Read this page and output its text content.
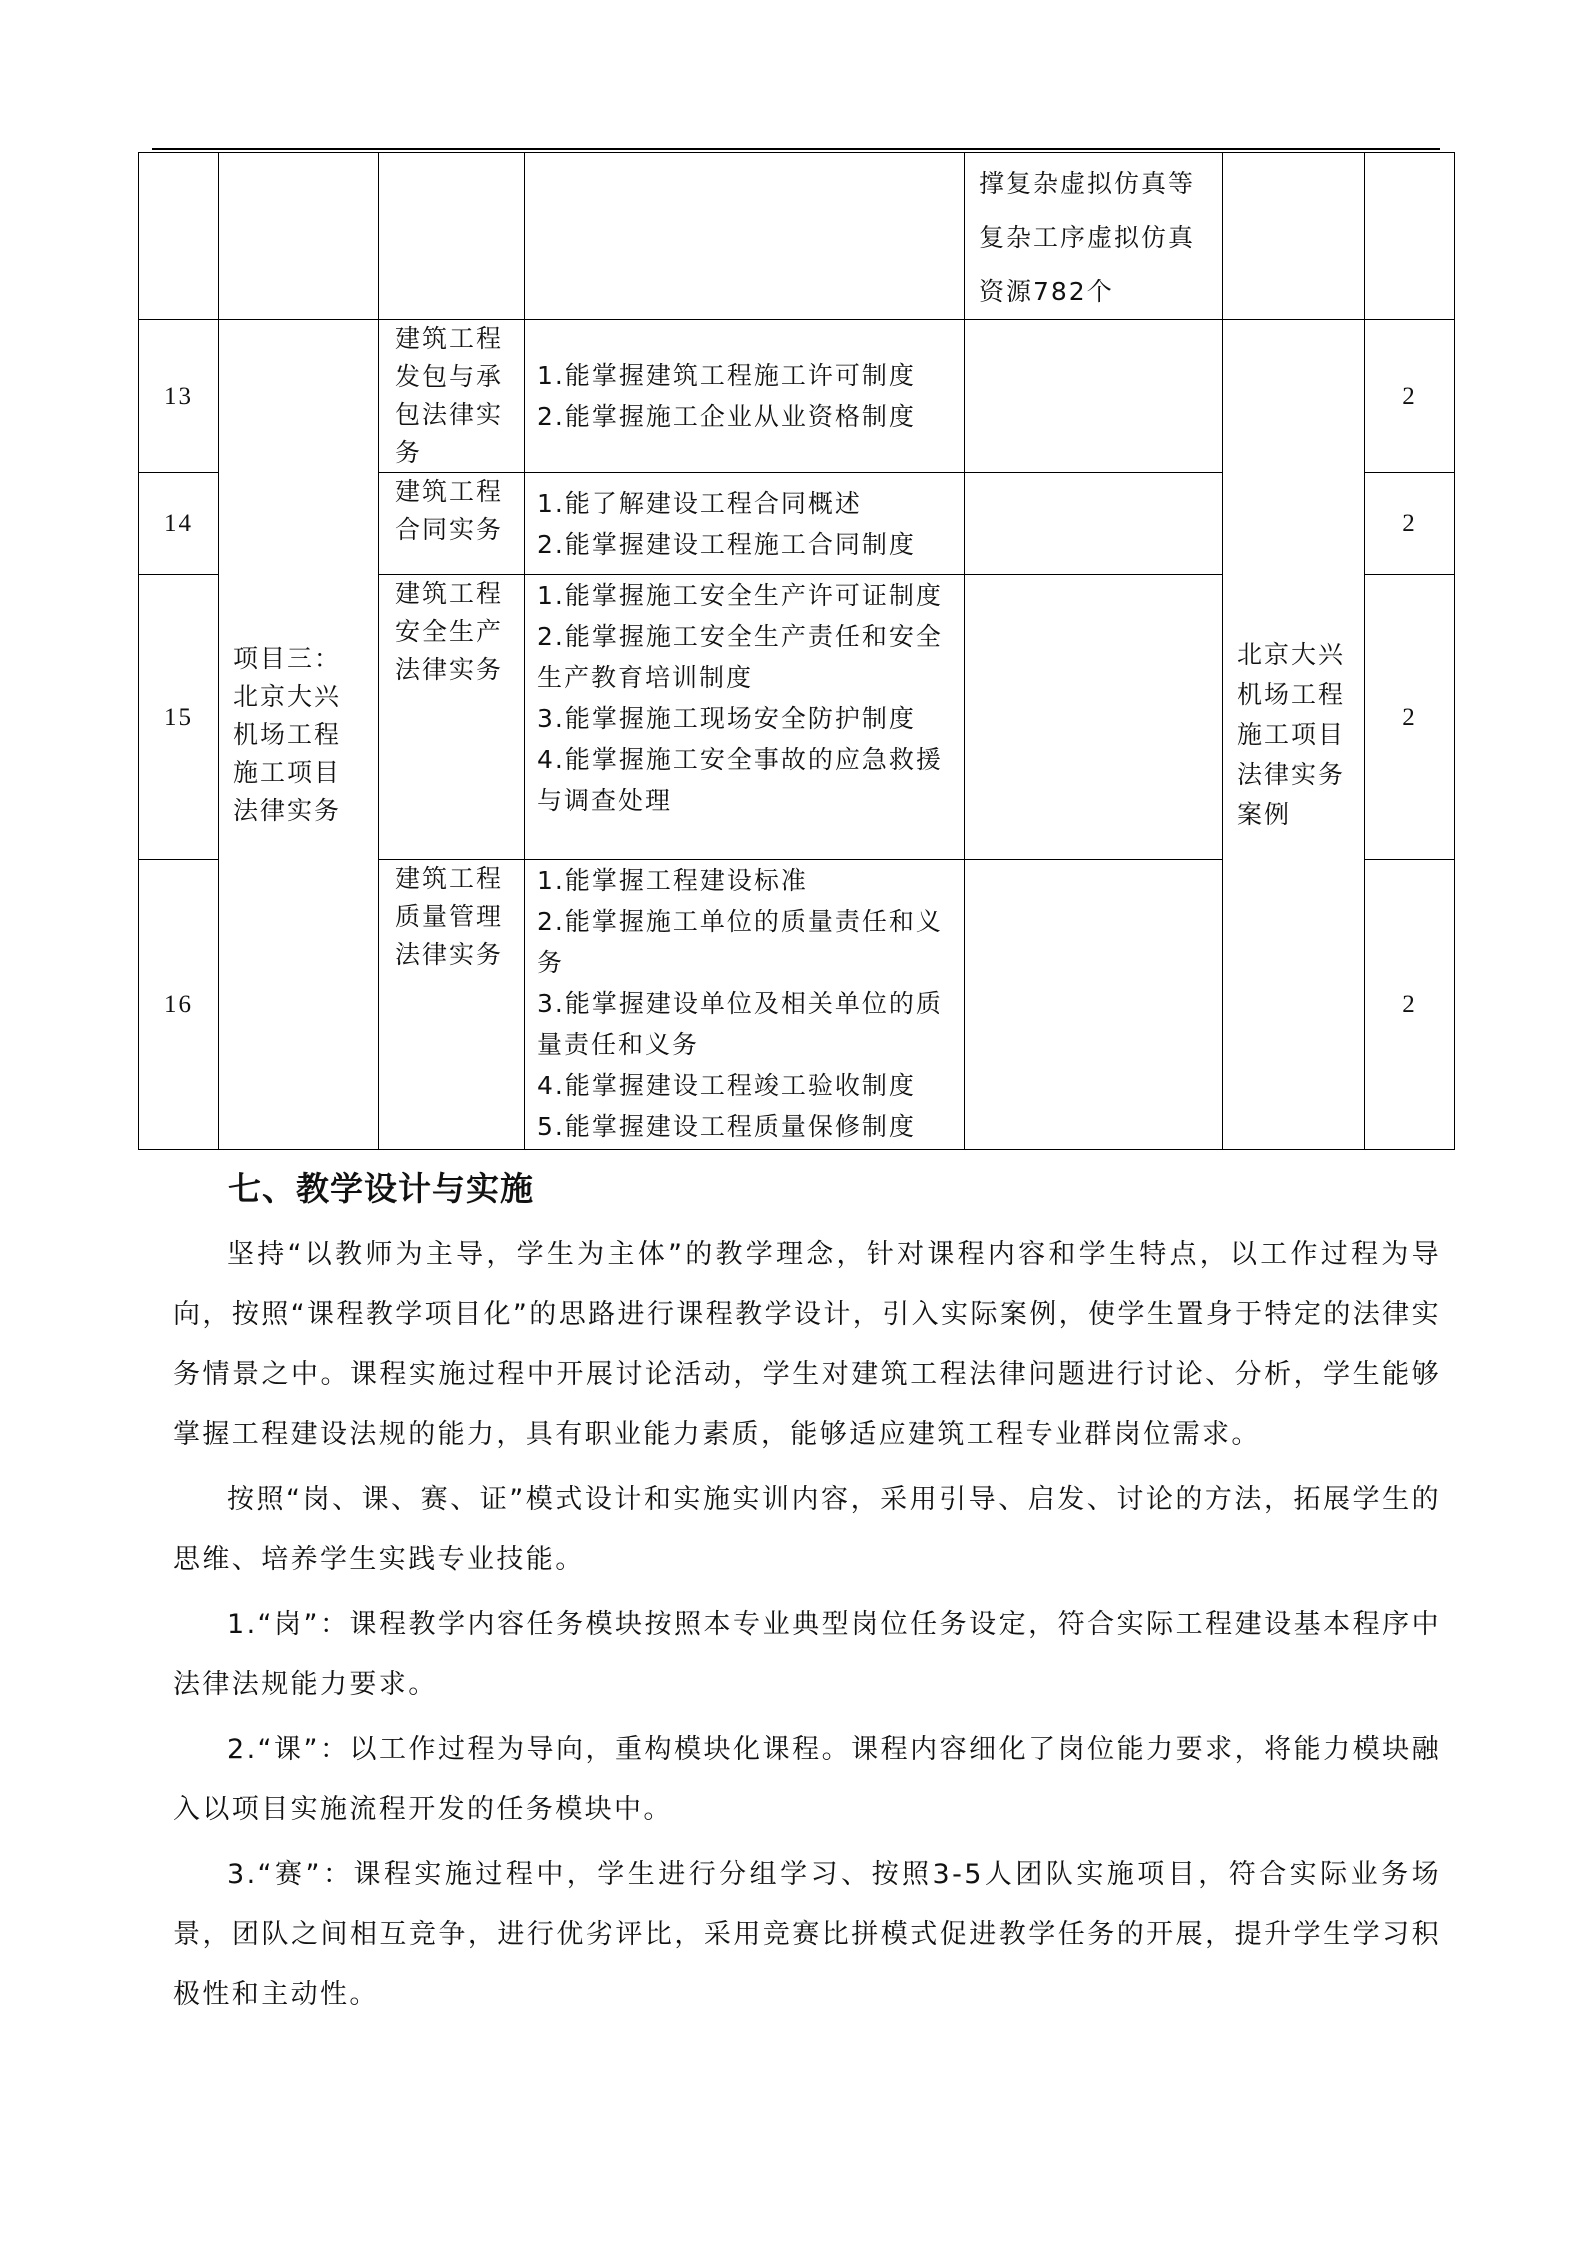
				撑复杂虚拟仿真等复杂工序虚拟仿真资源782个		
13	项目三：北京大兴机场工程施工项目法律实务	建筑工程发包与承包法律实务	1.能掌握建筑工程施工许可制度
2.能掌握施工企业从业资格制度		北京大兴机场工程施工项目法律实务案例	2
14		建筑工程合同实务	1.能了解建设工程合同概述
2.能掌握建设工程施工合同制度			2
15		建筑工程安全生产法律实务	1.能掌握施工安全生产许可证制度
2.能掌握施工安全生产责任和安全生产教育培训制度
3.能掌握施工现场安全防护制度
4.能掌握施工安全事故的应急救援与调查处理			2
16		建筑工程质量管理法律实务	1.能掌握工程建设标准
2.能掌握施工单位的质量责任和义务
3.能掌握建设单位及相关单位的质量责任和义务
4.能掌握建设工程竣工验收制度
5.能掌握建设工程质量保修制度			2
七、教学设计与实施

坚持“以教师为主导，学生为主体”的教学理念，针对课程内容和学生特点，以工作过程为导向，按照“课程教学项目化”的思路进行课程教学设计，引入实际案例，使学生置身于特定的法律实务情景之中。课程实施过程中开展讨论活动，学生对建筑工程法律问题进行讨论、分析，学生能够掌握工程建设法规的能力，具有职业能力素质，能够适应建筑工程专业群岗位需求。

按照“岗、课、赛、证”模式设计和实施实训内容，采用引导、启发、讨论的方法，拓展学生的思维、培养学生实践专业技能。

1.“岗”：课程教学内容任务模块按照本专业典型岗位任务设定，符合实际工程建设基本程序中法律法规能力要求。

2.“课”：以工作过程为导向，重构模块化课程。课程内容细化了岗位能力要求，将能力模块融入以项目实施流程开发的任务模块中。

3.“赛”：课程实施过程中，学生进行分组学习、按照3-5人团队实施项目，符合实际业务场景，团队之间相互竞争，进行优劣评比，采用竞赛比拼模式促进教学任务的开展，提升学生学习积极性和主动性。
